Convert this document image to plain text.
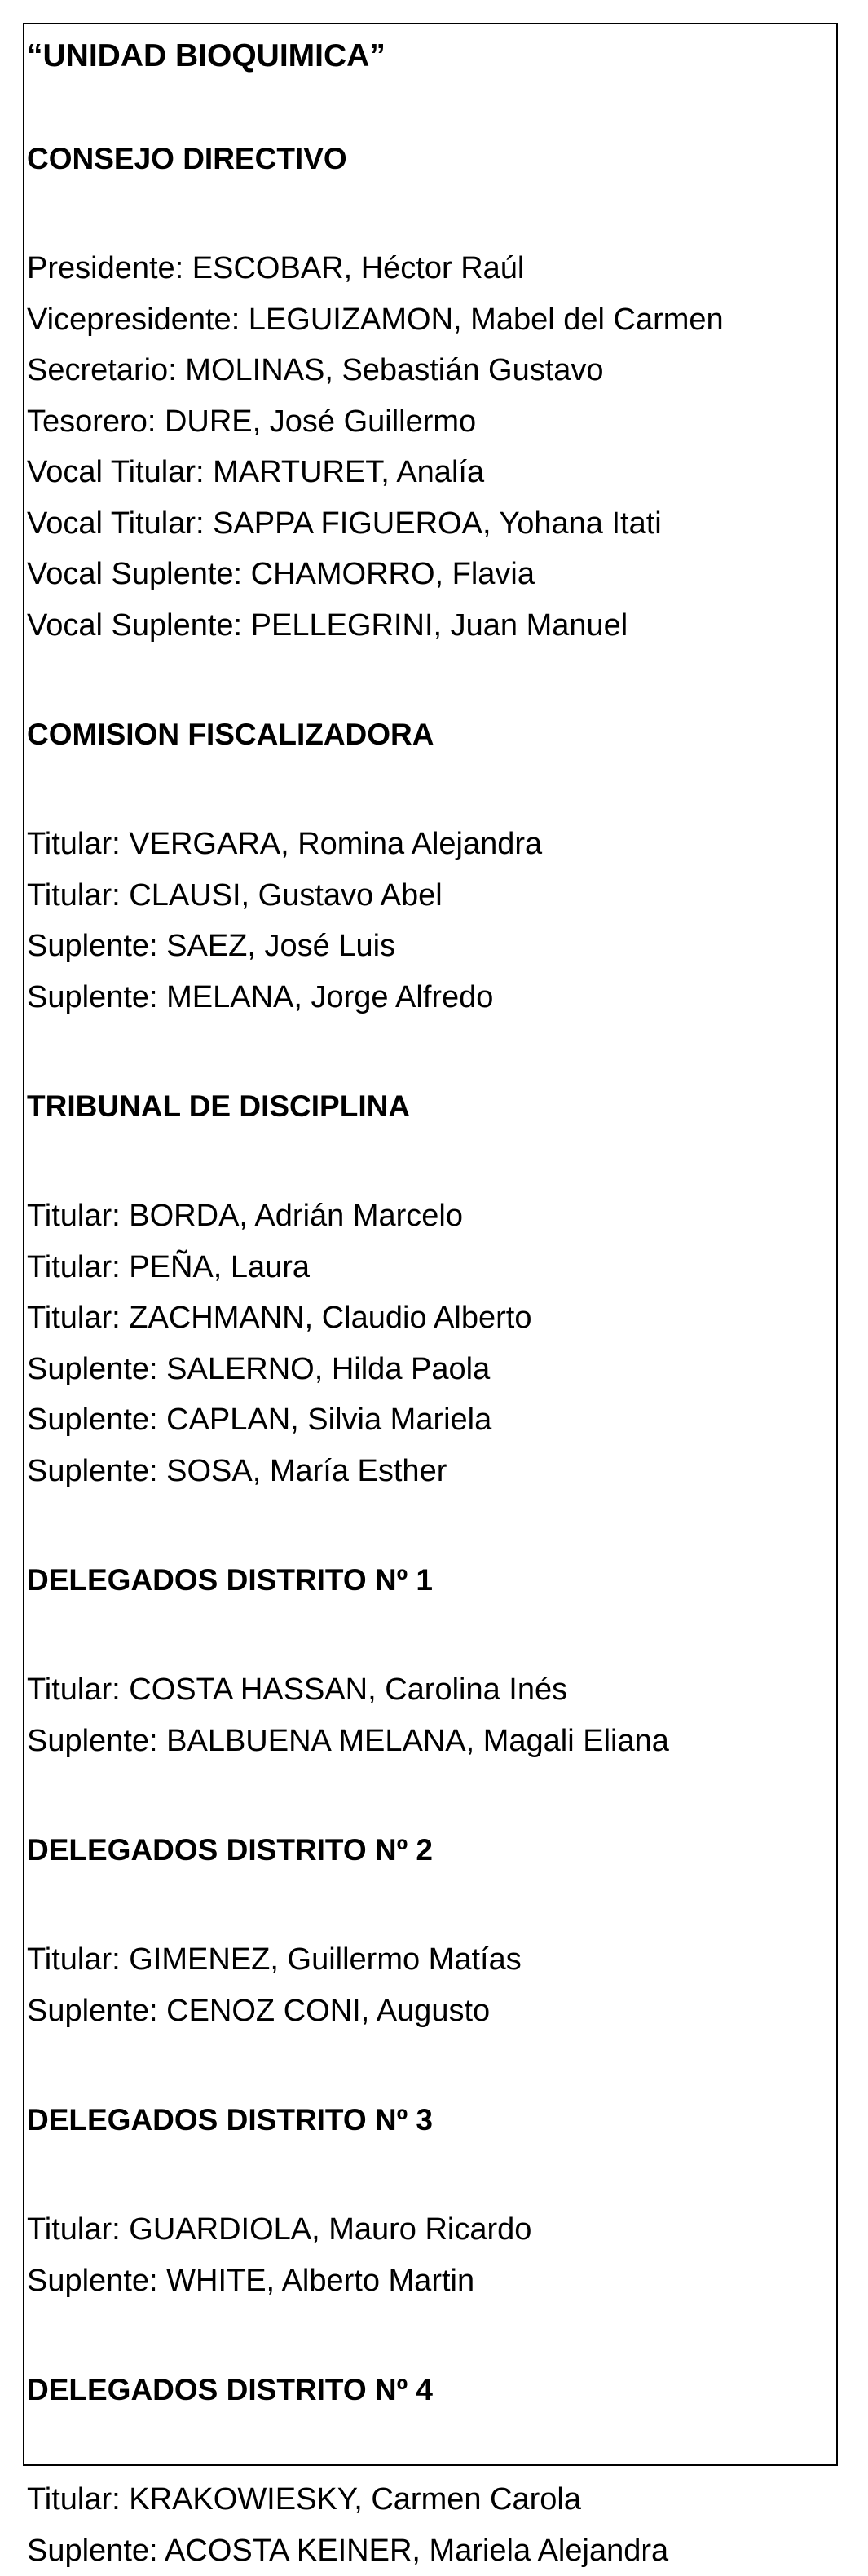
“UNIDAD BIOQUIMICA”
CONSEJO DIRECTIVO
Presidente: ESCOBAR, Héctor Raúl
Vicepresidente: LEGUIZAMON, Mabel del Carmen
Secretario: MOLINAS, Sebastián Gustavo
Tesorero: DURE, José Guillermo
Vocal Titular: MARTURET, Analía
Vocal Titular: SAPPA FIGUEROA, Yohana Itati
Vocal Suplente: CHAMORRO, Flavia
Vocal Suplente: PELLEGRINI, Juan Manuel
COMISION FISCALIZADORA
Titular: VERGARA, Romina Alejandra
Titular: CLAUSI, Gustavo Abel
Suplente: SAEZ, José Luis
Suplente: MELANA, Jorge Alfredo
TRIBUNAL DE DISCIPLINA
Titular: BORDA, Adrián Marcelo
Titular: PEÑA, Laura
Titular: ZACHMANN, Claudio Alberto
Suplente: SALERNO, Hilda Paola
Suplente: CAPLAN, Silvia Mariela
Suplente: SOSA, María Esther
DELEGADOS DISTRITO Nº 1
Titular: COSTA HASSAN, Carolina Inés
Suplente: BALBUENA MELANA, Magali Eliana
DELEGADOS DISTRITO Nº 2
Titular: GIMENEZ, Guillermo Matías
Suplente: CENOZ CONI, Augusto
DELEGADOS DISTRITO Nº 3
Titular: GUARDIOLA, Mauro Ricardo
Suplente: WHITE, Alberto Martin
DELEGADOS DISTRITO Nº 4
Titular: KRAKOWIESKY, Carmen Carola
Suplente: ACOSTA KEINER, Mariela Alejandra
